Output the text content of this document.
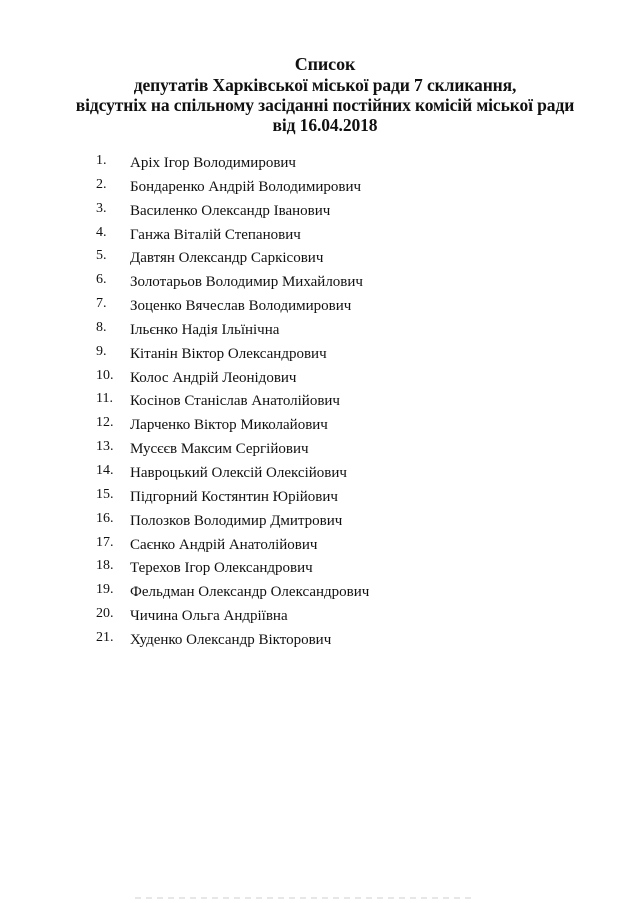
Список
депутатів Харківської міської ради 7 скликання,
відсутніх на спільному засіданні постійних комісій міської ради
від 16.04.2018
1. Аріх Ігор Володимирович
2. Бондаренко Андрій Володимирович
3. Василенко Олександр Іванович
4. Ганжа Віталій Степанович
5. Давтян Олександр Саркісович
6. Золотарьов Володимир Михайлович
7. Зоценко Вячеслав Володимирович
8. Ільєнко Надія Ільїнічна
9. Кітанін Віктор Олександрович
10. Колос Андрій Леонідович
11. Косінов Станіслав Анатолійович
12. Ларченко Віктор Миколайович
13. Мусєєв Максим Сергійович
14. Навроцький Олексій Олексійович
15. Підгорний Костянтин Юрійович
16. Полозков Володимир Дмитрович
17. Саєнко Андрій Анатолійович
18. Терехов Ігор Олександрович
19. Фельдман Олександр Олександрович
20. Чичина Ольга Андріївна
21. Худенко Олександр Вікторович
